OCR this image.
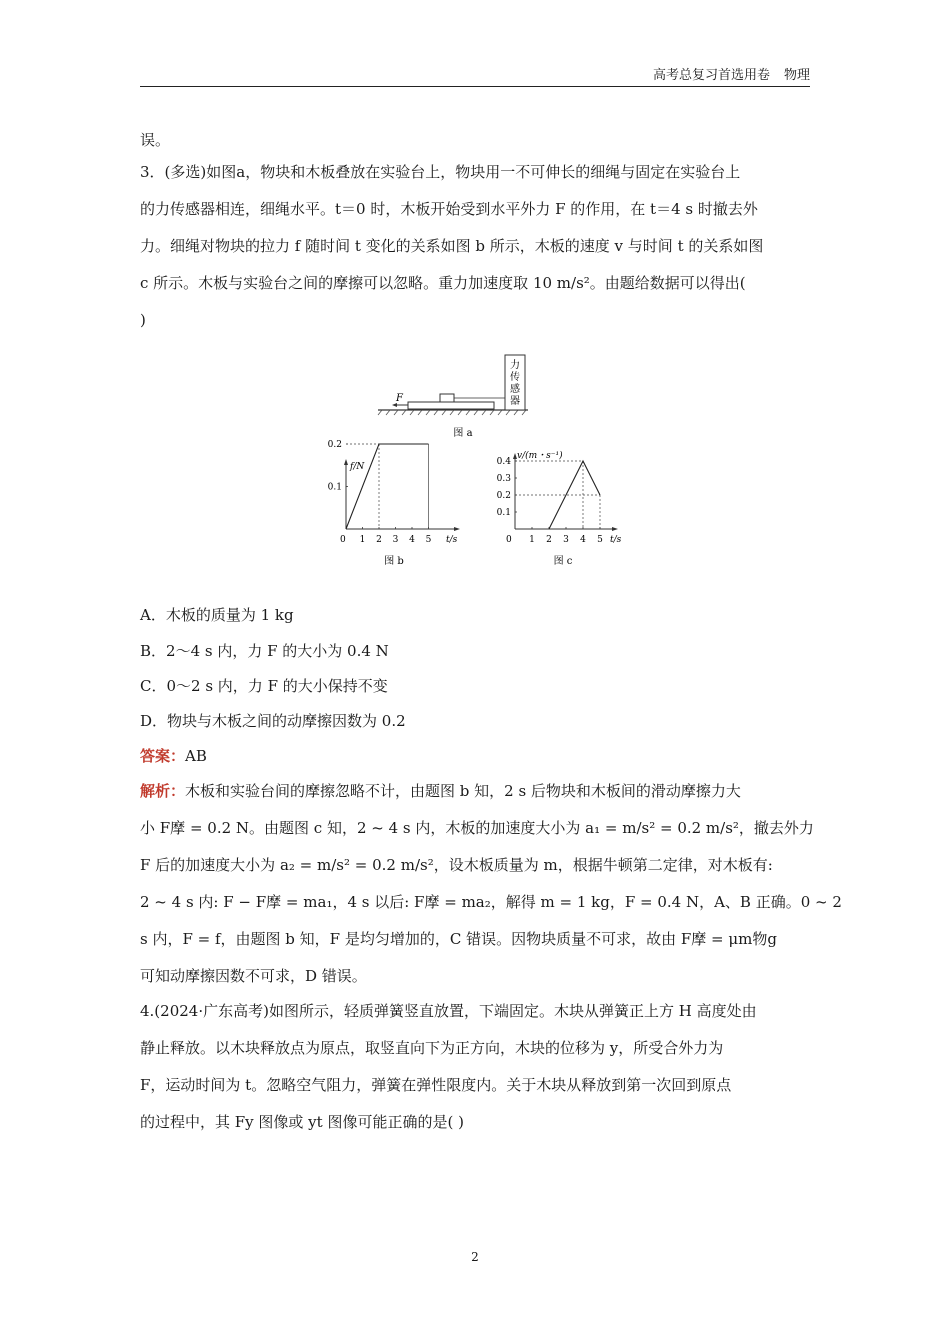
高考总复习首选用卷 物理
误。
3．(多选)如图a，物块和木板叠放在实验台上，物块用一不可伸长的细绳与固定在实验台上
的力传感器相连，细绳水平。t＝0 时，木板开始受到水平外力 F 的作用，在 t＝4 s 时撤去外
力。细绳对物块的拉力 f 随时间 t 变化的关系如图 b 所示，木板的速度 v 与时间 t 的关系如图
c 所示。木板与实验台之间的摩擦可以忽略。重力加速度取 10 m/s²。由题给数据可以得出(
)
力
传
感
器
F
图 a
f/N
t/s
0 1 2 3 4 5
0.2
0.1
图 b
v/(m・s⁻¹)
t/s
0 1 2 3 4 5
0.4
0.3
0.2
0.1
图 c
A．木板的质量为 1 kg
B．2～4 s 内，力 F 的大小为 0.4 N
C．0～2 s 内，力 F 的大小保持不变
D．物块与木板之间的动摩擦因数为 0.2
答案：AB
解析：木板和实验台间的摩擦忽略不计，由题图 b 知，2 s 后物块和木板间的滑动摩擦力大
小 F摩 = 0.2 N。由题图 c 知，2 ~ 4 s 内，木板的加速度大小为 a₁ = m/s² = 0.2 m/s²，撤去外力
F 后的加速度大小为 a₂ = m/s² = 0.2 m/s²，设木板质量为 m，根据牛顿第二定律，对木板有:
2 ~ 4 s 内: F − F摩 = ma₁，4 s 以后: F摩 = ma₂，解得 m = 1 kg，F = 0.4 N，A、B 正确。0 ~ 2
s 内，F = f，由题图 b 知，F 是均匀增加的，C 错误。因物块质量不可求，故由 F摩 = μm物g
可知动摩擦因数不可求，D 错误。
4.(2024·广东高考)如图所示，轻质弹簧竖直放置，下端固定。木块从弹簧正上方 H 高度处由
静止释放。以木块释放点为原点，取竖直向下为正方向，木块的位移为 y，所受合外力为
F，运动时间为 t。忽略空气阻力，弹簧在弹性限度内。关于木块从释放到第一次回到原点
的过程中，其 Fy 图像或 yt 图像可能正确的是( )
2
